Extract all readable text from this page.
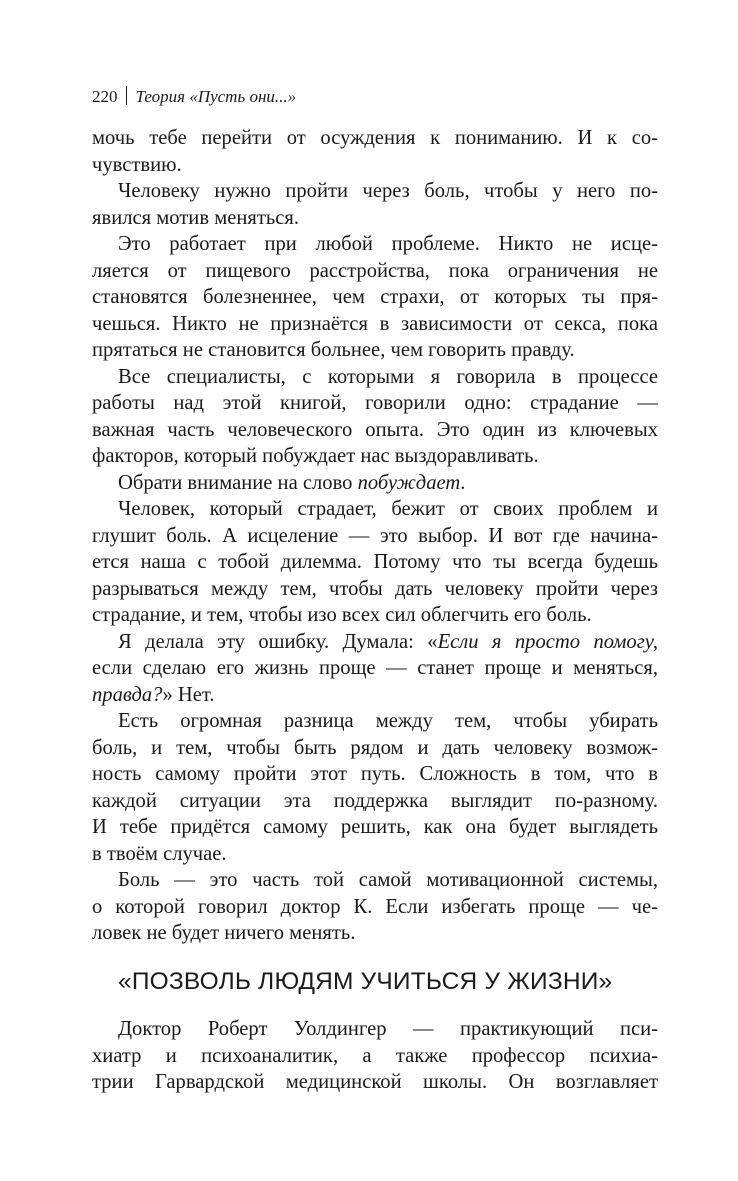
220 Теория «Пусть они...»
мочь тебе перейти от осуждения к пониманию. И к со-
чувствию.
Человеку нужно пройти через боль, чтобы у него по-
явился мотив меняться.
Это работает при любой проблеме. Никто не исце-
ляется от пищевого расстройства, пока ограничения не
становятся болезненнее, чем страхи, от которых ты пря-
чешься. Никто не признаётся в зависимости от секса, пока
прятаться не становится больнее, чем говорить правду.
Все специалисты, с которыми я говорила в процессе
работы над этой книгой, говорили одно: страдание —
важная часть человеческого опыта. Это один из ключевых
факторов, который побуждает нас выздоравливать.
Обрати внимание на слово побуждает.
Человек, который страдает, бежит от своих проблем и
глушит боль. А исцеление — это выбор. И вот где начина-
ется наша с тобой дилемма. Потому что ты всегда будешь
разрываться между тем, чтобы дать человеку пройти через
страдание, и тем, чтобы изо всех сил облегчить его боль.
Я делала эту ошибку. Думала: «Если я просто помогу,
если сделаю его жизнь проще — станет проще и меняться,
правда?» Нет.
Есть огромная разница между тем, чтобы убирать
боль, и тем, чтобы быть рядом и дать человеку возмож-
ность самому пройти этот путь. Сложность в том, что в
каждой ситуации эта поддержка выглядит по-разному.
И тебе придётся самому решить, как она будет выглядеть
в твоём случае.
Боль — это часть той самой мотивационной системы,
о которой говорил доктор К. Если избегать проще — че-
ловек не будет ничего менять.
«ПОЗВОЛЬ ЛЮДЯМ УЧИТЬСЯ У ЖИЗНИ»
Доктор Роберт Уолдингер — практикующий пси-
хиатр и психоаналитик, а также профессор психиа-
трии Гарвардской медицинской школы. Он возглавляет
